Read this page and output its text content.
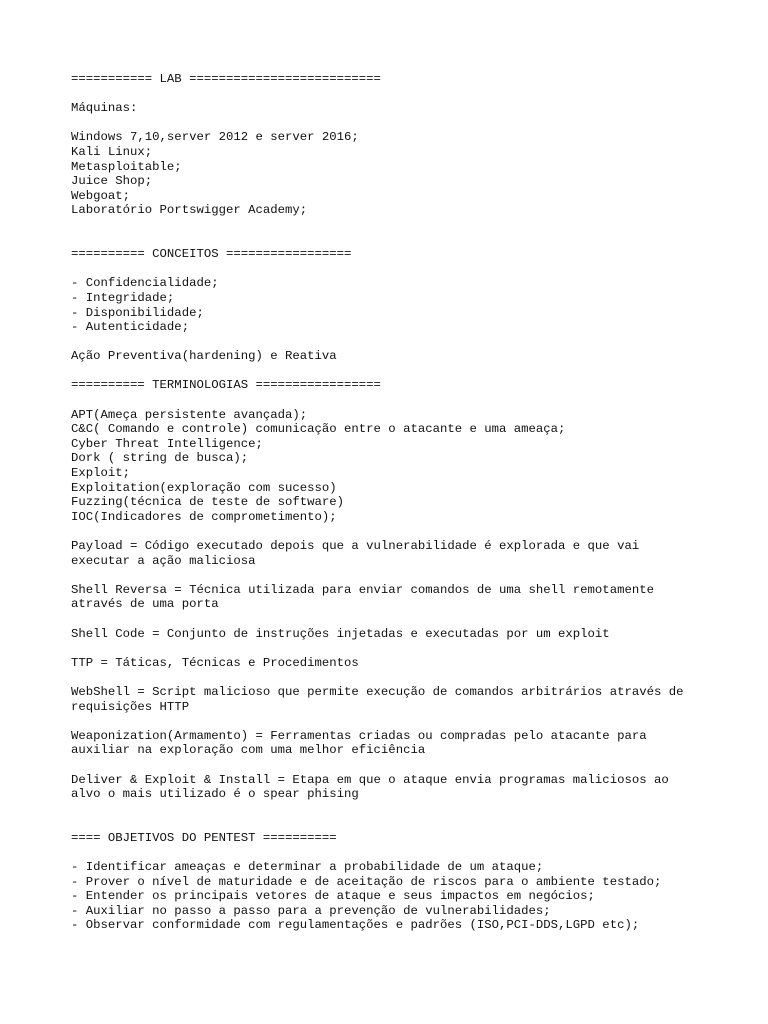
=========== LAB ==========================
Máquinas:
Windows 7,10,server 2012 e server 2016;
Kali Linux;
Metasploitable;
Juice Shop;
Webgoat;
Laboratório Portswigger Academy;
========== CONCEITOS =================
- Confidencialidade;
- Integridade;
- Disponibilidade;
- Autenticidade;
Ação Preventiva(hardening) e Reativa
========== TERMINOLOGIAS =================
APT(Ameça persistente avançada);
C&C( Comando e controle) comunicação entre o atacante e uma ameaça;
Cyber Threat Intelligence;
Dork ( string de busca);
Exploit;
Exploitation(exploração com sucesso)
Fuzzing(técnica de teste de software)
IOC(Indicadores de comprometimento);
Payload = Código executado depois que a vulnerabilidade é explorada e que vai
executar a ação maliciosa
Shell Reversa = Técnica utilizada para enviar comandos de uma shell remotamente
através de uma porta
Shell Code = Conjunto de instruções injetadas e executadas por um exploit
TTP = Táticas, Técnicas e Procedimentos
WebShell = Script malicioso que permite execução de comandos arbitrários através de
requisições HTTP
Weaponization(Armamento) = Ferramentas criadas ou compradas pelo atacante para
auxiliar na exploração com uma melhor eficiência
Deliver & Exploit & Install = Etapa em que o ataque envia programas maliciosos ao
alvo o mais utilizado é o spear phising
==== OBJETIVOS DO PENTEST ==========
- Identificar ameaças e determinar a probabilidade de um ataque;
- Prover o nível de maturidade e de aceitação de riscos para o ambiente testado;
- Entender os principais vetores de ataque e seus impactos em negócios;
- Auxiliar no passo a passo para a prevenção de vulnerabilidades;
- Observar conformidade com regulamentações e padrões (ISO,PCI-DDS,LGPD etc);
